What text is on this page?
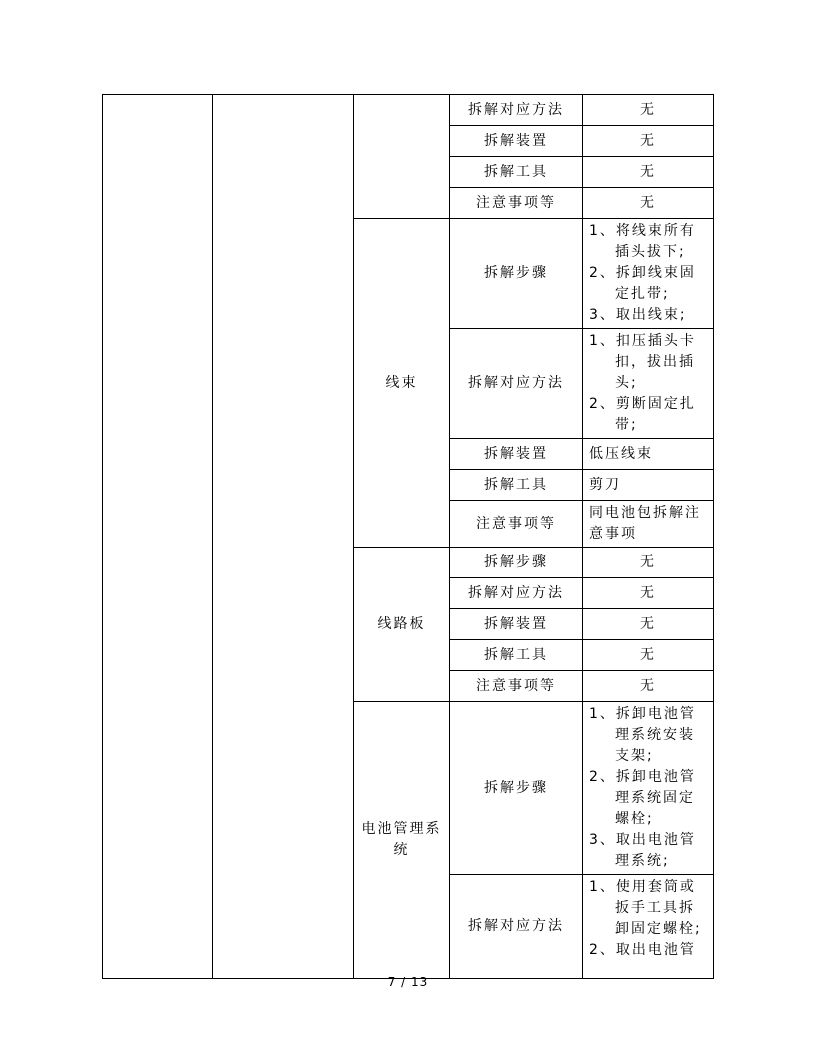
			拆解对应方法	无
			拆解装置	无
			拆解工具	无
			注意事项等	无
		线束	拆解步骤	1、将线束所有插头拔下;
2、拆卸线束固定扎带;
3、取出线束;

			拆解对应方法	1、扣压插头卡扣，拔出插头;
2、剪断固定扎带;

			拆解装置	低压线束
			拆解工具	剪刀
			注意事项等	同电池包拆解注意事项
		线路板	拆解步骤	无
			拆解对应方法	无
			拆解装置	无
			拆解工具	无
			注意事项等	无
		电池管理系统	拆解步骤	1、拆卸电池管理系统安装支架;
2、拆卸电池管理系统固定螺栓;
3、取出电池管理系统;

			拆解对应方法	1、使用套筒或扳手工具拆卸固定螺栓;
2、取出电池管
7 / 13
